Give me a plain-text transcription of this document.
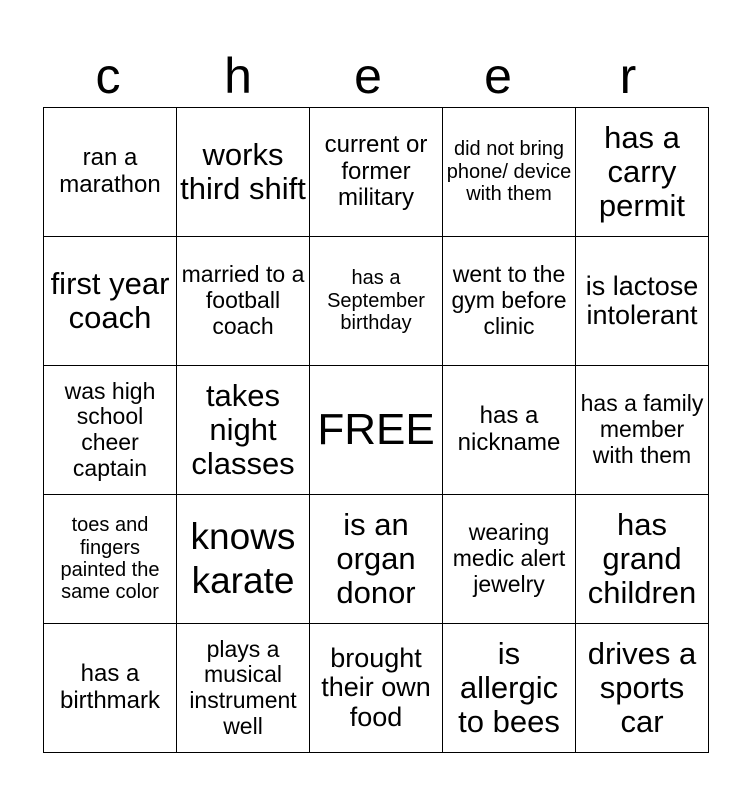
c	h	e	e	r
ran a marathon	works third shift	current or former military	did not bring phone/ device with them	has a carry permit
first year coach	married to a football coach	has a September birthday	went to the gym before clinic	is lactose intolerant
was high school cheer captain	takes night classes	FREE	has a nickname	has a family member with them
toes and fingers painted the same color	knows karate	is an organ donor	wearing medic alert jewelry	has grand children
has a birthmark	plays a musical instrument well	brought their own food	is allergic to bees	drives a sports car
